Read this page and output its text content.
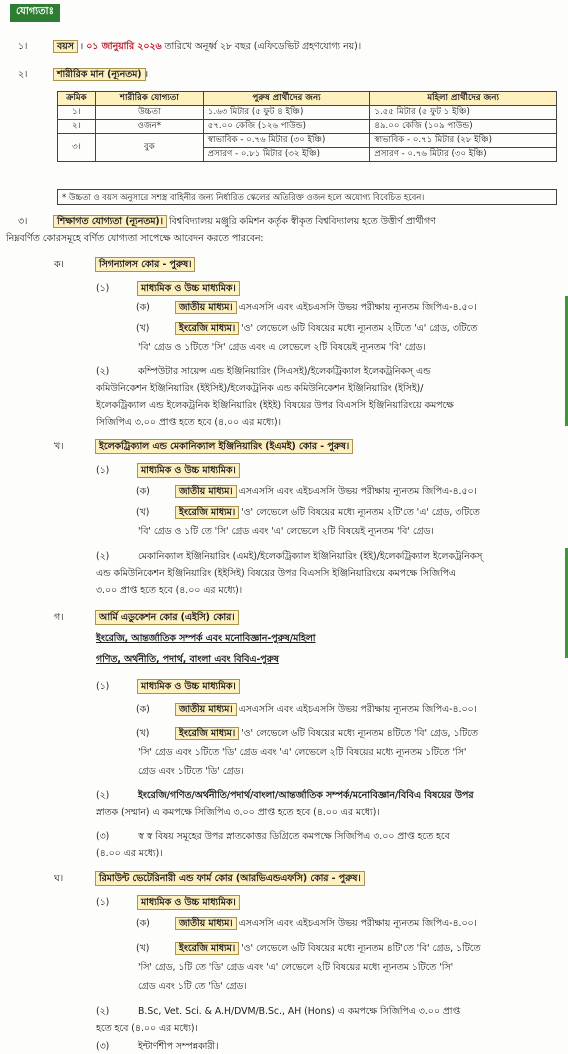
যোগ্যতাঃ
১।	বয়স । ০১ জানুয়ারি ২০২৬ তারিখে অনূর্ধ্ব ২৮ বছর (এফিডেভিট গ্রহণযোগ্য নয়)।
২।	শারীরিক মান (ন্যূনতম) ।
ক্রমিক	শারীরিক যোগ্যতা	পুরুষ প্রার্থীদের জন্য	মহিলা প্রার্থীদের জন্য
১।	উচ্চতা	১.৬৩ মিটার (৫ ফুট ৪ ইঞ্চি)	১.৫৫ মিটার (৫ ফুট ১ ইঞ্চি)
২।	ওজন*	৫৭.০০ কেজি (১২৬ পাউন্ড)	৪৯.০০ কেজি (১০৯ পাউন্ড)
৩।	বুক	স্বাভাবিক - ০.৭৬ মিটার (৩০ ইঞ্চি)	স্বাভাবিক - ০.৭১ মিটার (২৮ ইঞ্চি)
		প্রসারণ - ০.৮১ মিটার (৩২ ইঞ্চি)	প্রসারণ - ০.৭৬ মিটার (৩০ ইঞ্চি)
* উচ্চতা ও বয়স অনুসারে সশস্ত্র বাহিনীর জন্য নির্ধারিত স্কেলের অতিরিক্ত ওজন হলে অযোগ্য বিবেচিত হবেন।
৩।	শিক্ষাগত যোগ্যতা (ন্যূনতম)। বিশ্ববিদ্যালয় মঞ্জুরি কমিশন কর্তৃক স্বীকৃত বিশ্ববিদ্যালয় হতে উত্তীর্ণ প্রার্থীগণ
নিম্নবর্ণিত কোরসমূহে বর্ণিত যোগ্যতা সাপেক্ষে আবেদন করতে পারবেন:
ক।	সিগন্যালস কোর - পুরুষ।
(১)	মাধ্যমিক ও উচ্চ মাধ্যমিক।
(ক)	জাতীয় মাধ্যম। এসএসসি এবং এইচএসসি উভয় পরীক্ষায় ন্যূনতম জিপিএ-৪.৫০।
(খ)	ইংরেজি মাধ্যম। 'ও' লেভেলে ৬টি বিষয়ের মধ্যে ন্যূনতম ২টিতে 'এ' গ্রেড, ৩টিতে
'বি' গ্রেড ও ১টিতে 'সি' গ্রেড এবং এ লেভেলে ২টি বিষয়েই ন্যূনতম 'বি' গ্রেড।
(২)	কম্পিউটার সায়েন্স এন্ড ইঞ্জিনিয়ারিং (সিএসই)/ইলেকট্রিক্যাল ইলেকট্রনিকস্ এন্ড
কমিউনিকেশন ইঞ্জিনিয়ারিং (ইইসিই)/ইলেকট্রনিক এন্ড কমিউনিকেশন ইঞ্জিনিয়ারিং (ইসিই)/
ইলেকট্রিক্যাল এন্ড ইলেকট্রনিক ইঞ্জিনিয়ারিং (ইইই) বিষয়ের উপর বিএসসি ইঞ্জিনিয়ারিংয়ে কমপক্ষে
সিজিপিএ ৩.০০ প্রাপ্ত হতে হবে (৪.০০ এর মধ্যে)।
খ।	ইলেকট্রিক্যাল এন্ড মেকানিক্যাল ইঞ্জিনিয়ারিং (ইএমই) কোর - পুরুষ।
(১)	মাধ্যমিক ও উচ্চ মাধ্যমিক।
(ক)	জাতীয় মাধ্যম। এসএসসি এবং এইচএসসি উভয় পরীক্ষায় ন্যূনতম জিপিএ-৪.৫০।
(খ)	ইংরেজি মাধ্যম। 'ও' লেভেলে ৬টি বিষয়ের মধ্যে ন্যূনতম ২টি'তে 'এ' গ্রেড, ৩টিতে
'বি' গ্রেড ও ১টি তে 'সি' গ্রেড এবং 'এ' লেভেলে ২টি বিষয়েই ন্যূনতম 'বি' গ্রেড।
(২)	মেকানিক্যাল ইঞ্জিনিয়ারিং (এমই)/ইলেকট্রিক্যাল ইঞ্জিনিয়ারিং (ইই)/ইলেকট্রিক্যাল ইলেকট্রনিকস্
এন্ড কমিউনিকেশন ইঞ্জিনিয়ারিং (ইইসিই) বিষয়ের উপর বিএসসি ইঞ্জিনিয়ারিংয়ে কমপক্ষে সিজিপিএ
৩.০০ প্রাপ্ত হতে হবে (৪.০০ এর মধ্যে)।
গ।	আর্মি এডুকেশন কোর (এইসি) কোর।
ইংরেজি, আন্তর্জাতিক সম্পর্ক এবং মনোবিজ্ঞান-পুরুষ/মহিলা
গণিত, অর্থনীতি, পদার্থ, বাংলা এবং বিবিএ-পুরুষ
(১)	মাধ্যমিক ও উচ্চ মাধ্যমিক।
(ক)	জাতীয় মাধ্যম। এসএসসি এবং এইচএসসি উভয় পরীক্ষায় ন্যূনতম জিপিএ-৪.০০।
(খ)	ইংরেজি মাধ্যম। 'ও' লেভেলে ৬টি বিষয়ের মধ্যে ন্যূনতম ৪টিতে 'বি' গ্রেড, ১টিতে
'সি' গ্রেড এবং ১টিতে 'ডি' গ্রেড এবং 'এ' লেভেলে ২টি বিষয়ের মধ্যে ন্যূনতম ১টিতে 'সি'
গ্রেড এবং ১টিতে 'ডি' গ্রেড।
(২)	ইংরেজি/গণিত/অর্থনীতি/পদার্থ/বাংলা/আন্তর্জাতিক সম্পর্ক/মনোবিজ্ঞান/বিবিএ বিষয়ের উপর
স্নাতক (সম্মান) এ কমপক্ষে সিজিপিএ ৩.০০ প্রাপ্ত হতে হবে (৪.০০ এর মধ্যে)।
(৩)	স্ব স্ব বিষয় সমূহের উপর স্নাতকোত্তর ডিগ্রিতে কমপক্ষে সিজিপিএ ৩.০০ প্রাপ্ত হতে হবে
(৪.০০ এর মধ্যে)।
ঘ।	রিমাউন্ট ভেটেরিনারী এন্ড ফার্ম কোর (আরভিএন্ডএফসি) কোর - পুরুষ।
(১)	মাধ্যমিক ও উচ্চ মাধ্যমিক।
(ক)	জাতীয় মাধ্যম। এসএসসি এবং এইচএসসি উভয় পরীক্ষায় ন্যূনতম জিপিএ-৪.০০।
(খ)	ইংরেজি মাধ্যম। 'ও' লেভেলে ৬টি বিষয়ের মধ্যে ন্যূনতম ৪টি'তে 'বি' গ্রেড, ১টিতে
'সি' গ্রেড, ১টি তে 'ডি' গ্রেড এবং 'এ' লেভেলে ২টি বিষয়ের মধ্যে ন্যূনতম ১টিতে 'সি'
গ্রেড এবং ১টি তে 'ডি' গ্রেড।
(২)	B.Sc, Vet. Sci. & A.H/DVM/B.Sc., AH (Hons) এ কমপক্ষে সিজিপিএ ৩.০০ প্রাপ্ত
হতে হবে (৪.০০ এর মধ্যে)।
(৩)	ইন্টার্ণশীপ সম্পন্নকারী।
